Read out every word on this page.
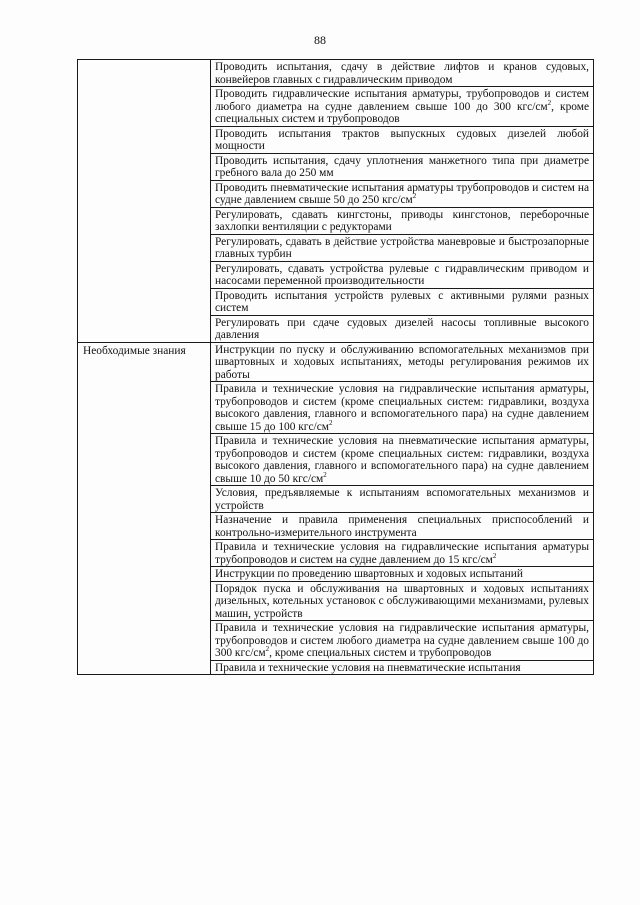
88
	Проводить испытания, сдачу в действие лифтов и кранов судовых, конвейеров главных с гидравлическим приводом
	Проводить гидравлические испытания арматуры, трубопроводов и систем любого диаметра на судне давлением свыше 100 до 300 кгс/$см^2$, кроме специальных систем и трубопроводов
	Проводить испытания трактов выпускных судовых дизелей любой мощности
	Проводить испытания, сдачу уплотнения манжетного типа при диаметре гребного вала до 250 мм
	Проводить пневматические испытания арматуры трубопроводов и систем на судне давлением свыше 50 до 250 кгс/$см^2$
	Регулировать, сдавать кингстоны, приводы кингстонов, переборочные захлопки вентиляции с редукторами
	Регулировать, сдавать в действие устройства маневровые и быстрозапорные главных турбин
	Регулировать, сдавать устройства рулевые с гидравлическим приводом и насосами переменной производительности
	Проводить испытания устройств рулевых с активными рулями разных систем
	Регулировать при сдаче судовых дизелей насосы топливные высокого давления
Необходимые знания	Инструкции по пуску и обслуживанию вспомогательных механизмов при швартовных и ходовых испытаниях, методы регулирования режимов их работы
	Правила и технические условия на гидравлические испытания арматуры, трубопроводов и систем (кроме специальных систем: гидравлики, воздуха высокого давления, главного и вспомогательного пара) на судне давлением свыше 15 до 100 кгс/$см^2$
	Правила и технические условия на пневматические испытания арматуры, трубопроводов и систем (кроме специальных систем: гидравлики, воздуха высокого давления, главного и вспомогательного пара) на судне давлением свыше 10 до 50 кгс/$см^2$
	Условия, предъявляемые к испытаниям вспомогательных механизмов и устройств
	Назначение и правила применения специальных приспособлений и контрольно-измерительного инструмента
	Правила и технические условия на гидравлические испытания арматуры трубопроводов и систем на судне давлением до 15 кгс/$см^2$
	Инструкции по проведению швартовных и ходовых испытаний
	Порядок пуска и обслуживания на швартовных и ходовых испытаниях дизельных, котельных установок с обслуживающими механизмами, рулевых машин, устройств
	Правила и технические условия на гидравлические испытания арматуры, трубопроводов и систем любого диаметра на судне давлением свыше 100 до 300 кгс/$см^2$, кроме специальных систем и трубопроводов
	Правила и технические условия на пневматические испытания
